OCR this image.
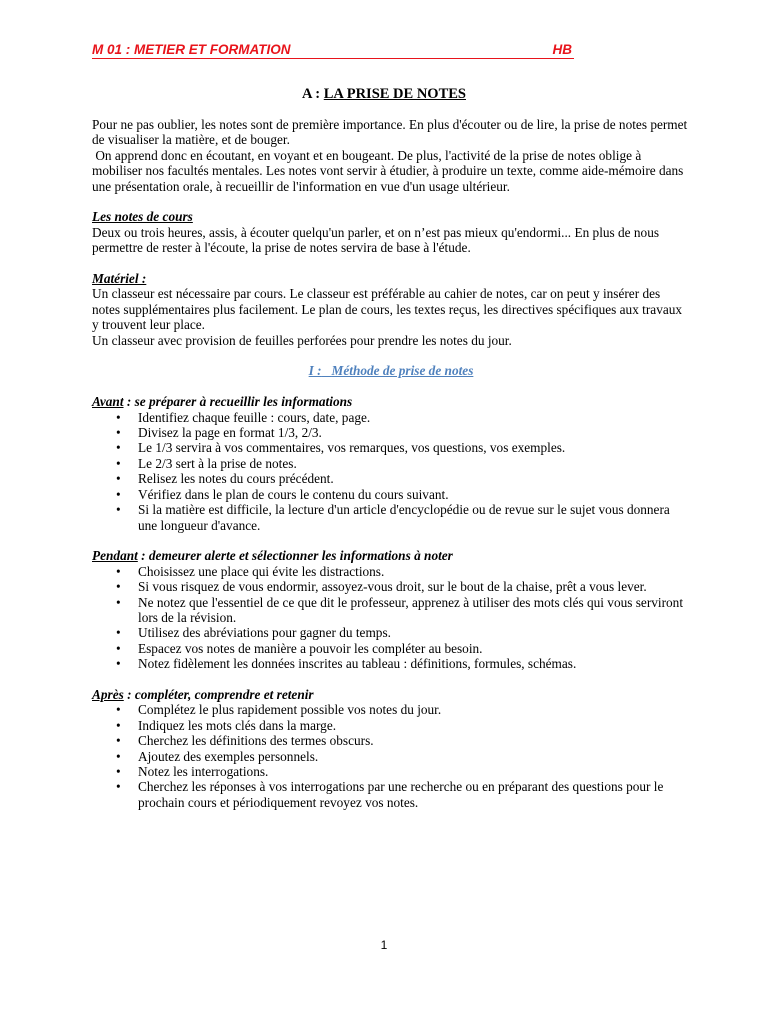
M 01 : METIER ET FORMATION	HB
A : LA PRISE DE NOTES

Pour ne pas oublier, les notes sont de première importance. En plus d'écouter ou de lire, la prise de notes permet de visualiser la matière, et de bouger.

On apprend donc en écoutant, en voyant et en bougeant. De plus, l'activité de la prise de notes oblige à mobiliser nos facultés mentales. Les notes vont servir à étudier, à produire un texte, comme aide-mémoire dans une présentation orale, à recueillir de l'information en vue d'un usage ultérieur.

Les notes de cours

Deux ou trois heures, assis, à écouter quelqu'un parler, et on n’est pas mieux qu'endormi... En plus de nous permettre de rester à l'écoute, la prise de notes servira de base à l'étude.

Matériel :

Un classeur est nécessaire par cours. Le classeur est préférable au cahier de notes, car on peut y insérer des notes supplémentaires plus facilement. Le plan de cours, les textes reçus, les directives spécifiques aux travaux y trouvent leur place.

Un classeur avec provision de feuilles perforées pour prendre les notes du jour.

I : Méthode de prise de notes

Avant : se préparer à recueillir les informations

• Identifiez chaque feuille : cours, date, page.
• Divisez la page en format 1/3, 2/3.
• Le 1/3 servira à vos commentaires, vos remarques, vos questions, vos exemples.
• Le 2/3 sert à la prise de notes.
• Relisez les notes du cours précédent.
• Vérifiez dans le plan de cours le contenu du cours suivant.
• Si la matière est difficile, la lecture d'un article d'encyclopédie ou de revue sur le sujet vous donnera une longueur d'avance.

Pendant : demeurer alerte et sélectionner les informations à noter

• Choisissez une place qui évite les distractions.
• Si vous risquez de vous endormir, assoyez-vous droit, sur le bout de la chaise, prêt a vous lever.
• Ne notez que l'essentiel de ce que dit le professeur, apprenez à utiliser des mots clés qui vous serviront lors de la révision.
• Utilisez des abréviations pour gagner du temps.
• Espacez vos notes de manière a pouvoir les compléter au besoin.
• Notez fidèlement les données inscrites au tableau : définitions, formules, schémas.

Après : compléter, comprendre et retenir

• Complétez le plus rapidement possible vos notes du jour.
• Indiquez les mots clés dans la marge.
• Cherchez les définitions des termes obscurs.
• Ajoutez des exemples personnels.
• Notez les interrogations.
• Cherchez les réponses à vos interrogations par une recherche ou en préparant des questions pour le prochain cours et périodiquement revoyez vos notes.
1
